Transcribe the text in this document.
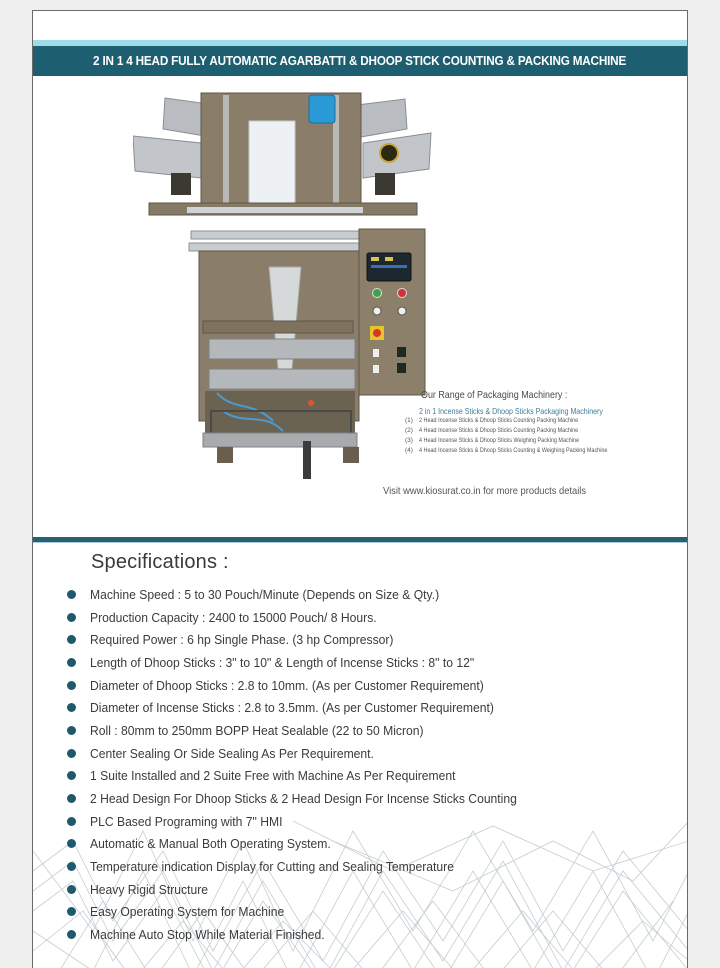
2 IN 1 4 HEAD FULLY AUTOMATIC AGARBATTI & DHOOP STICK COUNTING & PACKING MACHINE
Our Range of Packaging Machinery :
2 in 1 Incense Sticks & Dhoop Sticks Packaging Machinery
(1) 2 Head Incense Sticks & Dhoop Sticks Counting Packing Machine
(2) 4 Head Incense Sticks & Dhoop Sticks Counting Packing Machine
(3) 4 Head Incense Sticks & Dhoop Sticks Weighing Packing Machine
(4) 4 Head Incense Sticks & Dhoop Sticks Counting & Weighing Packing Machine
Visit www.kiosurat.co.in for more products details
Specifications :
Machine Speed : 5 to 30 Pouch/Minute (Depends on Size & Qty.)
Production Capacity : 2400 to 15000 Pouch/ 8 Hours.
Required Power : 6 hp Single Phase. (3 hp Compressor)
Length of Dhoop Sticks : 3" to 10" & Length of Incense Sticks : 8" to 12"
Diameter of Dhoop Sticks : 2.8 to 10mm. (As per Customer Requirement)
Diameter of Incense Sticks : 2.8 to 3.5mm. (As per Customer Requirement)
Roll : 80mm to 250mm BOPP Heat Sealable (22 to 50 Micron)
Center Sealing Or Side Sealing As Per Requirement.
1 Suite Installed and 2 Suite Free with Machine As Per Requirement
2 Head Design For Dhoop Sticks & 2 Head Design For Incense Sticks Counting
PLC Based Programing with 7" HMI
Automatic & Manual Both Operating System.
Temperature indication Display for Cutting and Sealing Temperature
Heavy Rigid Structure
Easy Operating System for Machine
Machine Auto Stop While Material Finished.
